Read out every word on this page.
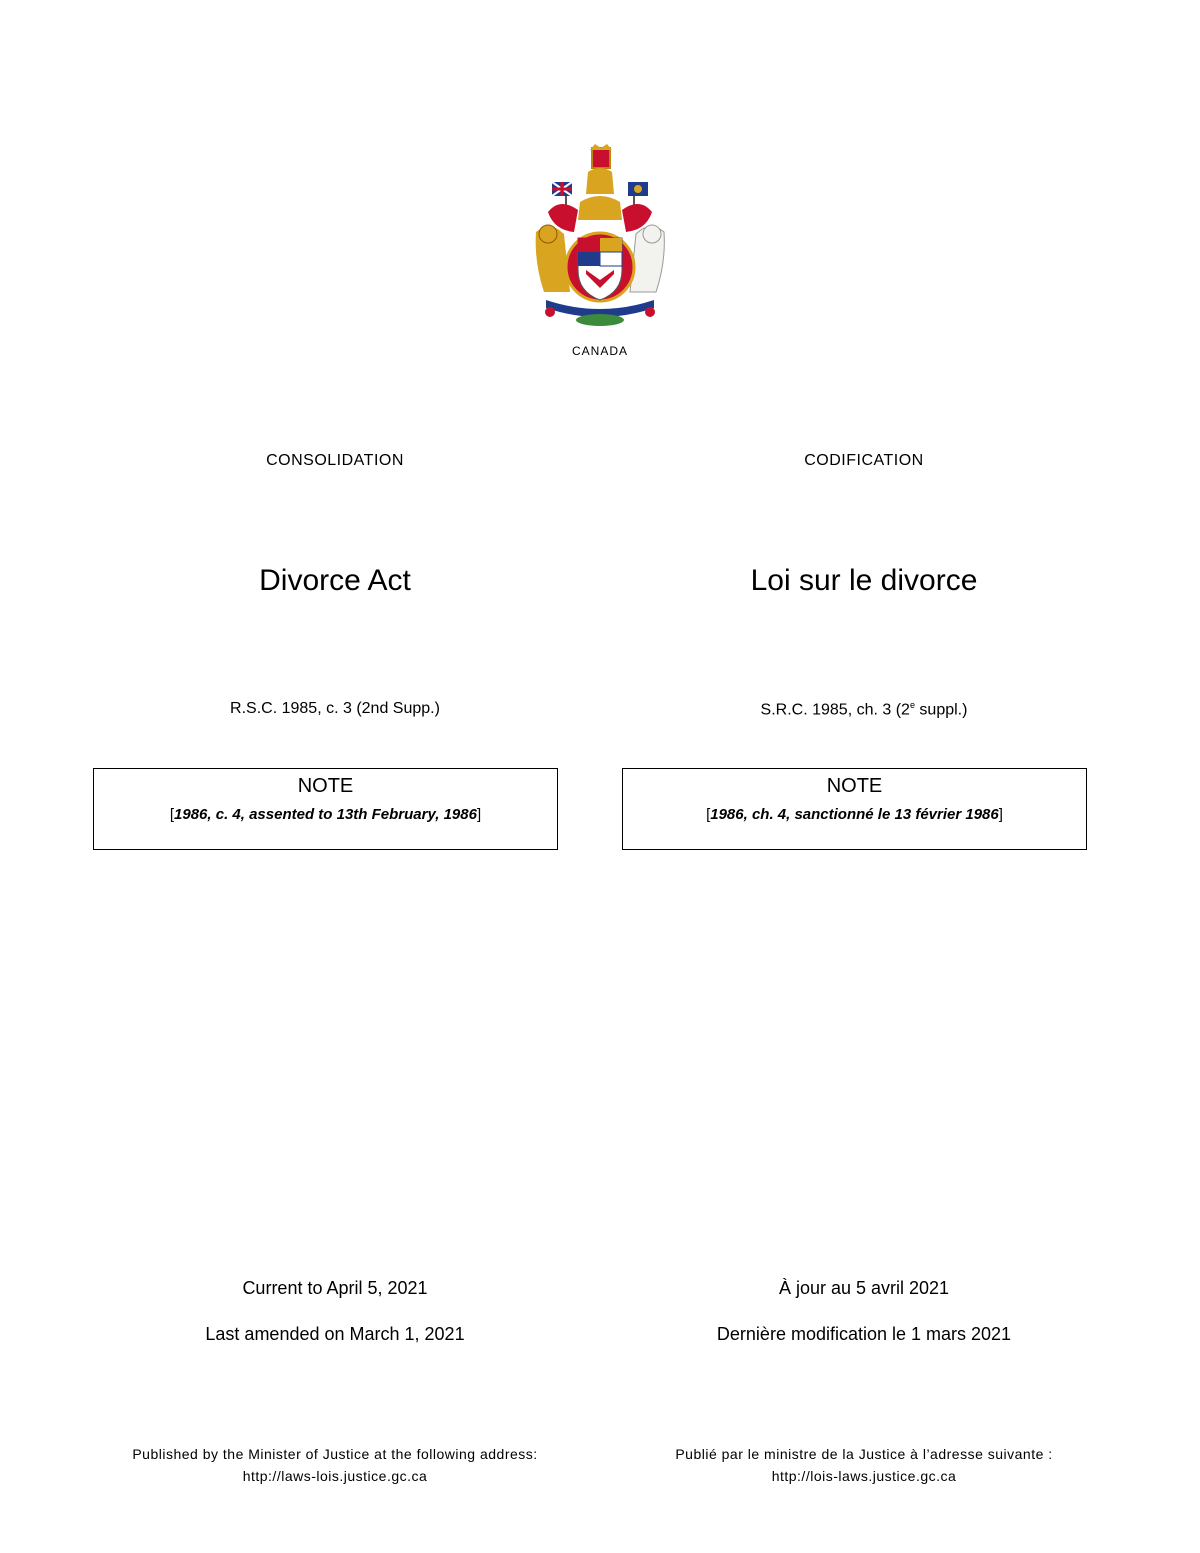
CANADA
CONSOLIDATION
Divorce Act
R.S.C. 1985, c. 3 (2nd Supp.)
NOTE
[1986, c. 4, assented to 13th February, 1986]
Current to April 5, 2021
Last amended on March 1, 2021
Published by the Minister of Justice at the following address:
http://laws-lois.justice.gc.ca
CODIFICATION
Loi sur le divorce
S.R.C. 1985, ch. 3 (2e suppl.)
NOTE
[1986, ch. 4, sanctionné le 13 février 1986]
À jour au 5 avril 2021
Dernière modification le 1 mars 2021
Publié par le ministre de la Justice à l’adresse suivante :
http://lois-laws.justice.gc.ca
